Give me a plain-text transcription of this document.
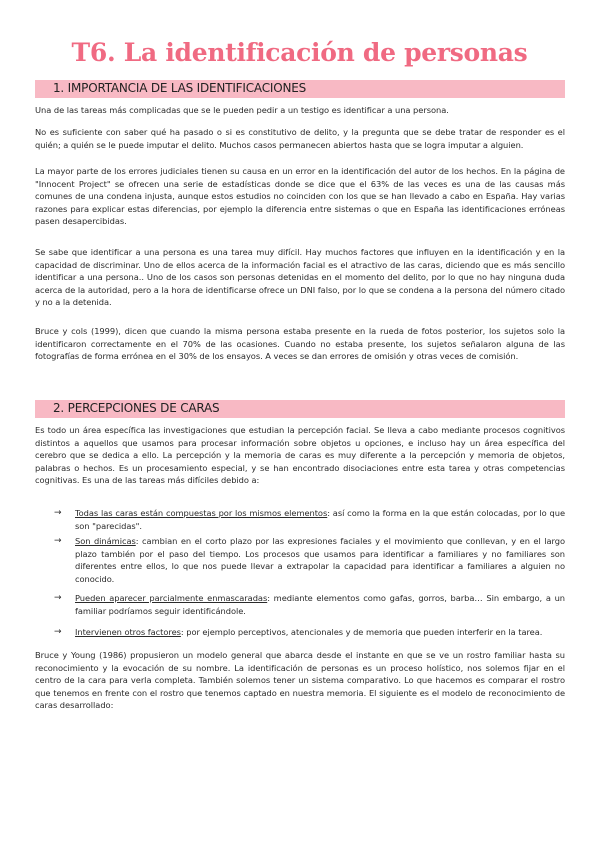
T6. La identificación de personas
1. IMPORTANCIA DE LAS IDENTIFICACIONES

Una de las tareas más complicadas que se le pueden pedir a un testigo es identificar a una persona.

No es suficiente con saber qué ha pasado o si es constitutivo de delito, y la pregunta que se debe tratar de responder es el quién; a quién se le puede imputar el delito. Muchos casos permanecen abiertos hasta que se logra imputar a alguien.

La mayor parte de los errores judiciales tienen su causa en un error en la identificación del autor de los hechos. En la página de "Innocent Project" se ofrecen una serie de estadísticas donde se dice que el 63% de las veces es una de las causas más comunes de una condena injusta, aunque estos estudios no coinciden con los que se han llevado a cabo en España. Hay varias razones para explicar estas diferencias, por ejemplo la diferencia entre sistemas o que en España las identificaciones erróneas pasen desapercibidas.

Se sabe que identificar a una persona es una tarea muy difícil. Hay muchos factores que influyen en la identificación y en la capacidad de discriminar. Uno de ellos acerca de la información facial es el atractivo de las caras, diciendo que es más sencillo identificar a una persona.. Uno de los casos son personas detenidas en el momento del delito, por lo que no hay ninguna duda acerca de la autoridad, pero a la hora de identificarse ofrece un DNI falso, por lo que se condena a la persona del número citado y no a la detenida.

Bruce y cols (1999), dicen que cuando la misma persona estaba presente en la rueda de fotos posterior, los sujetos solo la identificaron correctamente en el 70% de las ocasiones. Cuando no estaba presente, los sujetos señalaron alguna de las fotografías de forma errónea en el 30% de los ensayos. A veces se dan errores de omisión y otras veces de comisión.

2. PERCEPCIONES DE CARAS

Es todo un área específica las investigaciones que estudian la percepción facial. Se lleva a cabo mediante procesos cognitivos distintos a aquellos que usamos para procesar información sobre objetos u opciones, e incluso hay un área específica del cerebro que se dedica a ello. La percepción y la memoria de caras es muy diferente a la percepción y memoria de objetos, palabras o hechos. Es un procesamiento especial, y se han encontrado disociaciones entre esta tarea y otras competencias cognitivas. Es una de las tareas más difíciles debido a:

→ Todas las caras están compuestas por los mismos elementos: así como la forma en la que están colocadas, por lo que son "parecidas".
→ Son dinámicas: cambian en el corto plazo por las expresiones faciales y el movimiento que conllevan, y en el largo plazo también por el paso del tiempo. Los procesos que usamos para identificar a familiares y no familiares son diferentes entre ellos, lo que nos puede llevar a extrapolar la capacidad para identificar a familiares a alguien no conocido.
→ Pueden aparecer parcialmente enmascaradas: mediante elementos como gafas, gorros, barba… Sin embargo, a un familiar podríamos seguir identificándole.
→ Intervienen otros factores: por ejemplo perceptivos, atencionales y de memoria que pueden interferir en la tarea.

Bruce y Young (1986) propusieron un modelo general que abarca desde el instante en que se ve un rostro familiar hasta su reconocimiento y la evocación de su nombre. La identificación de personas es un proceso holístico, nos solemos fijar en el centro de la cara para verla completa. También solemos tener un sistema comparativo. Lo que hacemos es comparar el rostro que tenemos en frente con el rostro que tenemos captado en nuestra memoria. El siguiente es el modelo de reconocimiento de caras desarrollado:
